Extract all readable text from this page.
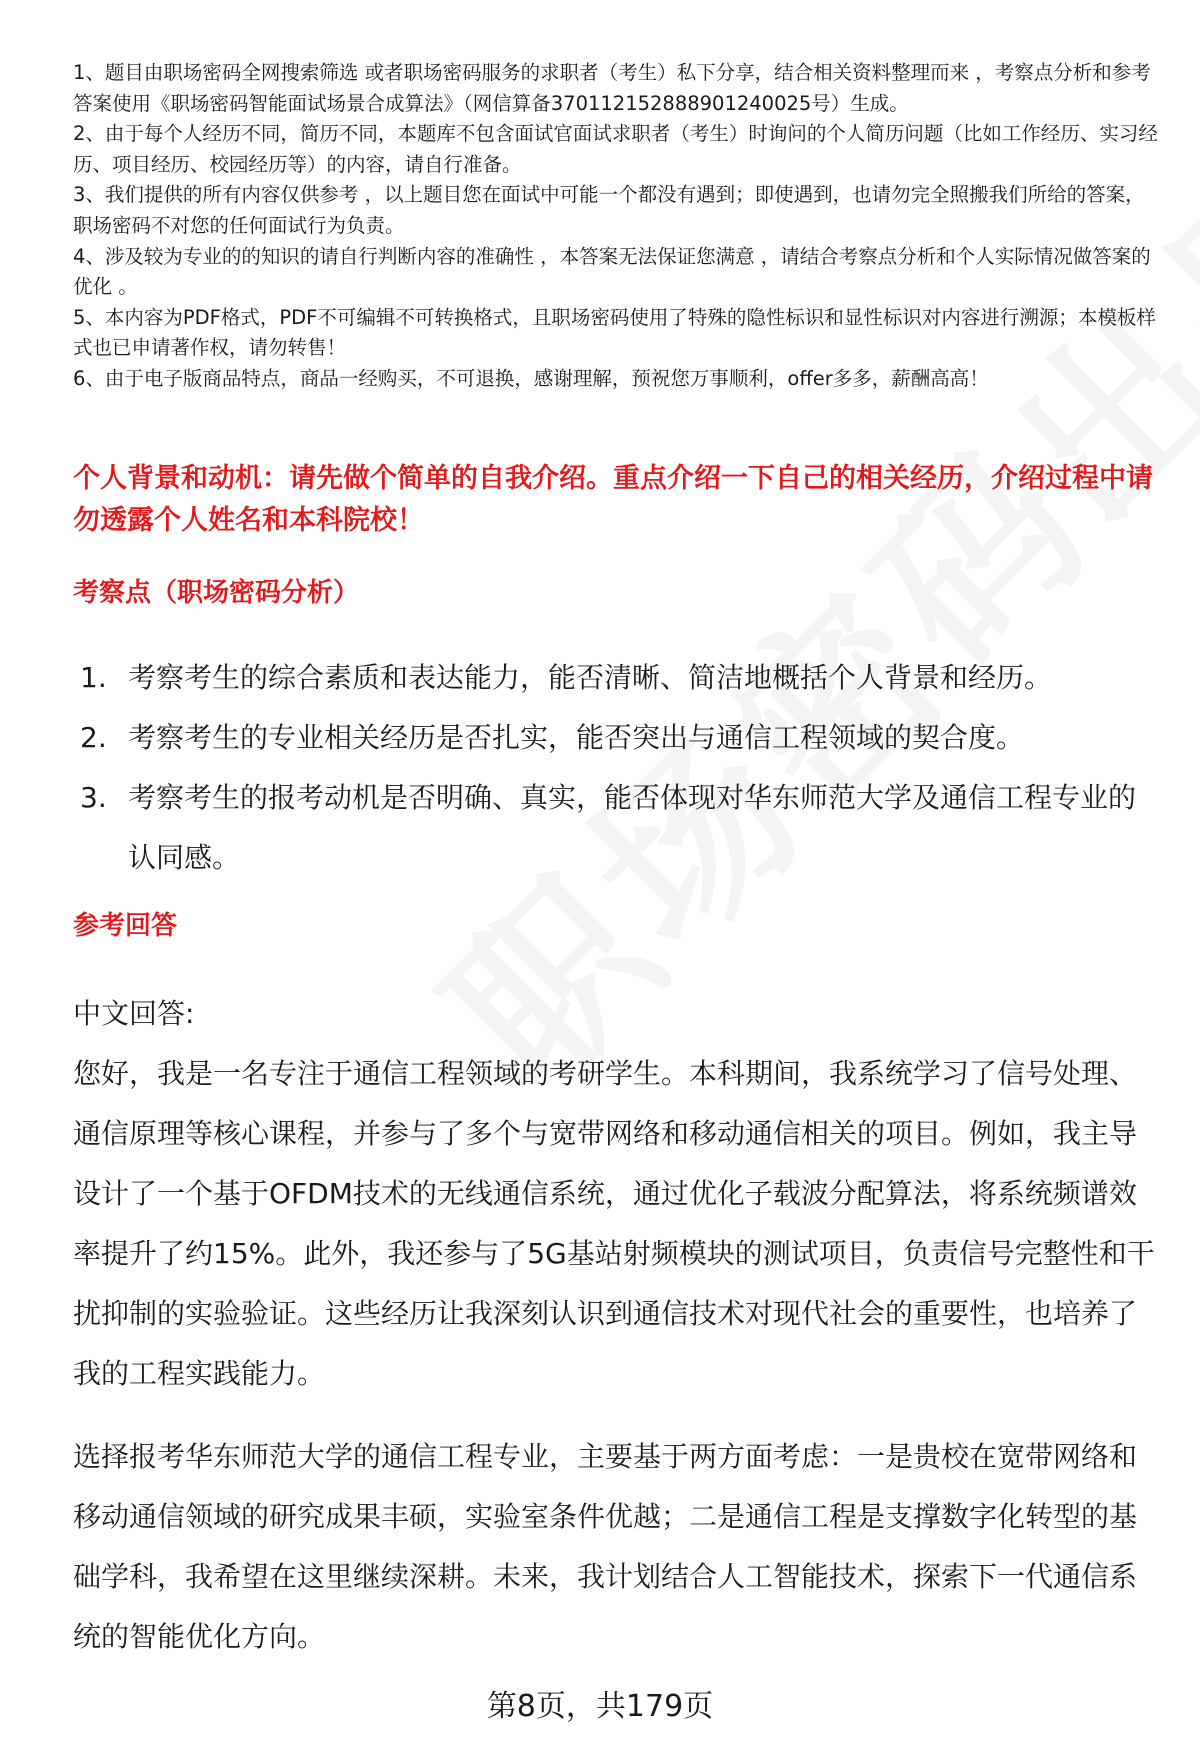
1、题目由职场密码全网搜索筛选 或者职场密码服务的求职者（考生）私下分享，结合相关资料整理而来 ，考察点分析和参考答案使用《职场密码智能面试场景合成算法》（网信算备370112152888901240025号）生成。

2、由于每个人经历不同，简历不同，本题库不包含面试官面试求职者（考生）时询问的个人简历问题（比如工作经历、实习经历、项目经历、校园经历等）的内容，请自行准备。

3、我们提供的所有内容仅供参考 ，以上题目您在面试中可能一个都没有遇到；即使遇到，也请勿完全照搬我们所给的答案，职场密码不对您的任何面试行为负责。

4、涉及较为专业的的知识的请自行判断内容的准确性 ，本答案无法保证您满意 ，请结合考察点分析和个人实际情况做答案的优化 。

5、本内容为PDF格式，PDF不可编辑不可转换格式，且职场密码使用了特殊的隐性标识和显性标识对内容进行溯源；本模板样式也已申请著作权，请勿转售！

6、由于电子版商品特点，商品一经购买，不可退换，感谢理解，预祝您万事顺利，offer多多，薪酬高高！

个人背景和动机：请先做个简单的自我介绍。重点介绍一下自己的相关经历，介绍过程中请勿透露个人姓名和本科院校！
考察点（职场密码分析）
1. 考察考生的综合素质和表达能力，能否清晰、简洁地概括个人背景和经历。
2. 考察考生的专业相关经历是否扎实，能否突出与通信工程领域的契合度。
3. 考察考生的报考动机是否明确、真实，能否体现对华东师范大学及通信工程专业的认同感。
参考回答

中文回答:

您好，我是一名专注于通信工程领域的考研学生。本科期间，我系统学习了信号处理、通信原理等核心课程，并参与了多个与宽带网络和移动通信相关的项目。例如，我主导设计了一个基于OFDM技术的无线通信系统，通过优化子载波分配算法，将系统频谱效率提升了约15%。此外，我还参与了5G基站射频模块的测试项目，负责信号完整性和干扰抑制的实验验证。这些经历让我深刻认识到通信技术对现代社会的重要性，也培养了我的工程实践能力。

选择报考华东师范大学的通信工程专业，主要基于两方面考虑：一是贵校在宽带网络和移动通信领域的研究成果丰硕，实验室条件优越；二是通信工程是支撑数字化转型的基础学科，我希望在这里继续深耕。未来，我计划结合人工智能技术，探索下一代通信系统的智能优化方向。

第8页，共179页
